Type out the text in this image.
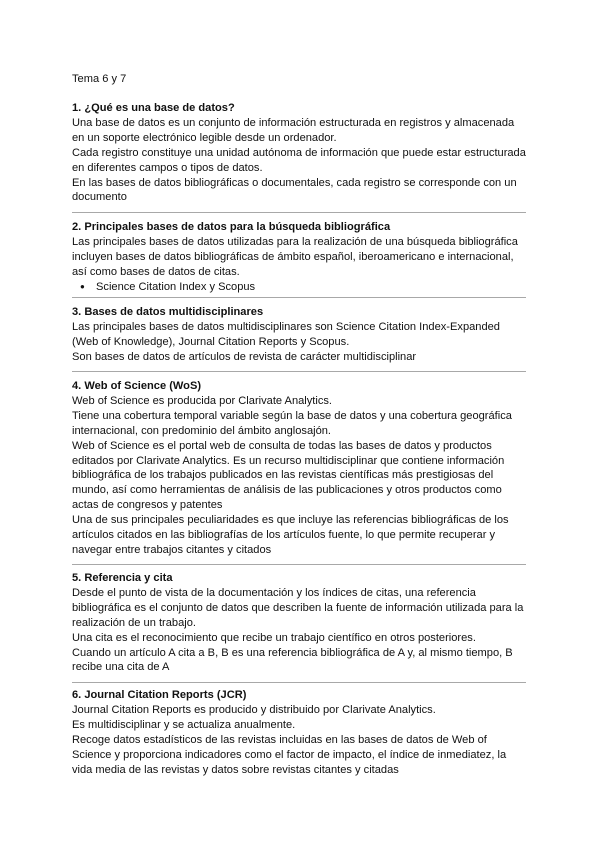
Tema 6 y 7
1. ¿Qué es una base de datos?

Una base de datos es un conjunto de información estructurada en registros y almacenada

en un soporte electrónico legible desde un ordenador.

Cada registro constituye una unidad autónoma de información que puede estar estructurada

en diferentes campos o tipos de datos.

En las bases de datos bibliográficas o documentales, cada registro se corresponde con un

documento

2. Principales bases de datos para la búsqueda bibliográfica

Las principales bases de datos utilizadas para la realización de una búsqueda bibliográfica

incluyen bases de datos bibliográficas de ámbito español, iberoamericano e internacional,

así como bases de datos de citas.

● Science Citation Index y Scopus
3. Bases de datos multidisciplinares

Las principales bases de datos multidisciplinares son Science Citation Index-Expanded

(Web of Knowledge), Journal Citation Reports y Scopus.

Son bases de datos de artículos de revista de carácter multidisciplinar

4. Web of Science (WoS)

Web of Science es producida por Clarivate Analytics.

Tiene una cobertura temporal variable según la base de datos y una cobertura geográfica

internacional, con predominio del ámbito anglosajón.

Web of Science es el portal web de consulta de todas las bases de datos y productos

editados por Clarivate Analytics. Es un recurso multidisciplinar que contiene información

bibliográfica de los trabajos publicados en las revistas científicas más prestigiosas del

mundo, así como herramientas de análisis de las publicaciones y otros productos como

actas de congresos y patentes

Una de sus principales peculiaridades es que incluye las referencias bibliográficas de los

artículos citados en las bibliografías de los artículos fuente, lo que permite recuperar y

navegar entre trabajos citantes y citados

5. Referencia y cita

Desde el punto de vista de la documentación y los índices de citas, una referencia

bibliográfica es el conjunto de datos que describen la fuente de información utilizada para la

realización de un trabajo.

Una cita es el reconocimiento que recibe un trabajo científico en otros posteriores.

Cuando un artículo A cita a B, B es una referencia bibliográfica de A y, al mismo tiempo, B

recibe una cita de A

6. Journal Citation Reports (JCR)

Journal Citation Reports es producido y distribuido por Clarivate Analytics.

Es multidisciplinar y se actualiza anualmente.

Recoge datos estadísticos de las revistas incluidas en las bases de datos de Web of

Science y proporciona indicadores como el factor de impacto, el índice de inmediatez, la

vida media de las revistas y datos sobre revistas citantes y citadas
